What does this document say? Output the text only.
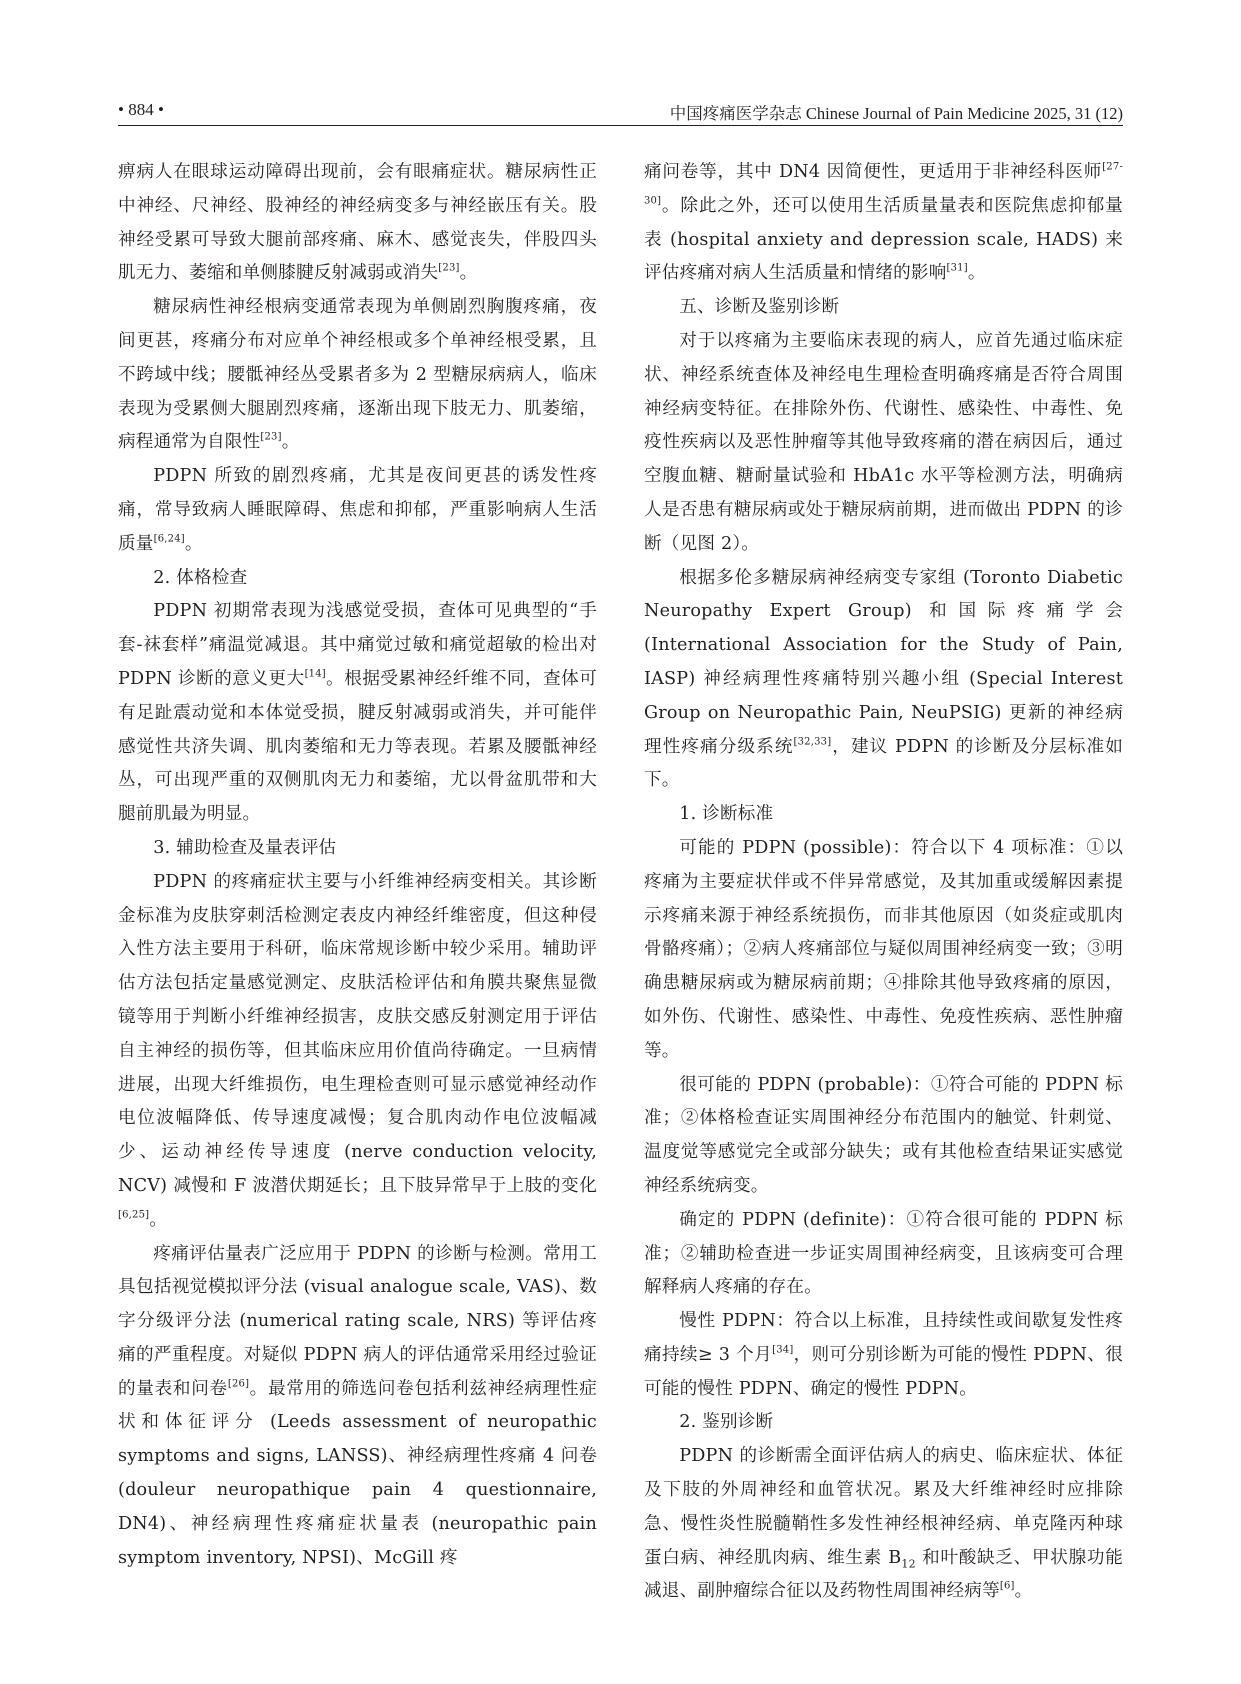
• 884 •	中国疼痛医学杂志 Chinese Journal of Pain Medicine 2025, 31 (12)

痹病人在眼球运动障碍出现前，会有眼痛症状。糖尿病性正中神经、尺神经、股神经的神经病变多与神经嵌压有关。股神经受累可导致大腿前部疼痛、麻木、感觉丧失，伴股四头肌无力、萎缩和单侧膝腱反射减弱或消失[23]。

糖尿病性神经根病变通常表现为单侧剧烈胸腹疼痛，夜间更甚，疼痛分布对应单个神经根或多个单神经根受累，且不跨域中线；腰骶神经丛受累者多为 2 型糖尿病病人，临床表现为受累侧大腿剧烈疼痛，逐渐出现下肢无力、肌萎缩，病程通常为自限性[23]。

PDPN 所致的剧烈疼痛，尤其是夜间更甚的诱发性疼痛，常导致病人睡眠障碍、焦虑和抑郁，严重影响病人生活质量[6,24]。

2. 体格检查

PDPN 初期常表现为浅感觉受损，查体可见典型的“手套-袜套样”痛温觉减退。其中痛觉过敏和痛觉超敏的检出对 PDPN 诊断的意义更大[14]。根据受累神经纤维不同，查体可有足趾震动觉和本体觉受损，腱反射减弱或消失，并可能伴感觉性共济失调、肌肉萎缩和无力等表现。若累及腰骶神经丛，可出现严重的双侧肌肉无力和萎缩，尤以骨盆肌带和大腿前肌最为明显。

3. 辅助检查及量表评估

PDPN 的疼痛症状主要与小纤维神经病变相关。其诊断金标准为皮肤穿刺活检测定表皮内神经纤维密度，但这种侵入性方法主要用于科研，临床常规诊断中较少采用。辅助评估方法包括定量感觉测定、皮肤活检评估和角膜共聚焦显微镜等用于判断小纤维神经损害，皮肤交感反射测定用于评估自主神经的损伤等，但其临床应用价值尚待确定。一旦病情进展，出现大纤维损伤，电生理检查则可显示感觉神经动作电位波幅降低、传导速度减慢；复合肌肉动作电位波幅减少、运动神经传导速度 (nerve conduction velocity, NCV) 减慢和 F 波潜伏期延长；且下肢异常早于上肢的变化[6,25]。

疼痛评估量表广泛应用于 PDPN 的诊断与检测。常用工具包括视觉模拟评分法 (visual analogue scale, VAS)、数字分级评分法 (numerical rating scale, NRS) 等评估疼痛的严重程度。对疑似 PDPN 病人的评估通常采用经过验证的量表和问卷[26]。最常用的筛选问卷包括利兹神经病理性症状和体征评分 (Leeds assessment of neuropathic symptoms and signs, LANSS)、神经病理性疼痛 4 问卷 (douleur neuropathique pain 4 questionnaire, DN4)、神经病理性疼痛症状量表 (neuropathic pain symptom inventory, NPSI)、McGill 疼

痛问卷等，其中 DN4 因简便性，更适用于非神经科医师[27-30]。除此之外，还可以使用生活质量量表和医院焦虑抑郁量表 (hospital anxiety and depression scale, HADS) 来评估疼痛对病人生活质量和情绪的影响[31]。

五、诊断及鉴别诊断

对于以疼痛为主要临床表现的病人，应首先通过临床症状、神经系统查体及神经电生理检查明确疼痛是否符合周围神经病变特征。在排除外伤、代谢性、感染性、中毒性、免疫性疾病以及恶性肿瘤等其他导致疼痛的潜在病因后，通过空腹血糖、糖耐量试验和 HbA1c 水平等检测方法，明确病人是否患有糖尿病或处于糖尿病前期，进而做出 PDPN 的诊断（见图 2）。

根据多伦多糖尿病神经病变专家组 (Toronto Diabetic Neuropathy Expert Group) 和国际疼痛学会 (International Association for the Study of Pain, IASP) 神经病理性疼痛特别兴趣小组 (Special Interest Group on Neuropathic Pain, NeuPSIG) 更新的神经病理性疼痛分级系统[32,33]，建议 PDPN 的诊断及分层标准如下。

1. 诊断标准

可能的 PDPN (possible)：符合以下 4 项标准：①以疼痛为主要症状伴或不伴异常感觉，及其加重或缓解因素提示疼痛来源于神经系统损伤，而非其他原因（如炎症或肌肉骨骼疼痛）；②病人疼痛部位与疑似周围神经病变一致；③明确患糖尿病或为糖尿病前期；④排除其他导致疼痛的原因，如外伤、代谢性、感染性、中毒性、免疫性疾病、恶性肿瘤等。

很可能的 PDPN (probable)：①符合可能的 PDPN 标准；②体格检查证实周围神经分布范围内的触觉、针刺觉、温度觉等感觉完全或部分缺失；或有其他检查结果证实感觉神经系统病变。

确定的 PDPN (definite)：①符合很可能的 PDPN 标准；②辅助检查进一步证实周围神经病变，且该病变可合理解释病人疼痛的存在。

慢性 PDPN：符合以上标准，且持续性或间歇复发性疼痛持续≥ 3 个月[34]，则可分别诊断为可能的慢性 PDPN、很可能的慢性 PDPN、确定的慢性 PDPN。

2. 鉴别诊断

PDPN 的诊断需全面评估病人的病史、临床症状、体征及下肢的外周神经和血管状况。累及大纤维神经时应排除急、慢性炎性脱髓鞘性多发性神经根神经病、单克隆丙种球蛋白病、神经肌肉病、维生素 $B_{12}$ 和叶酸缺乏、甲状腺功能减退、副肿瘤综合征以及药物性周围神经病等[6]。
